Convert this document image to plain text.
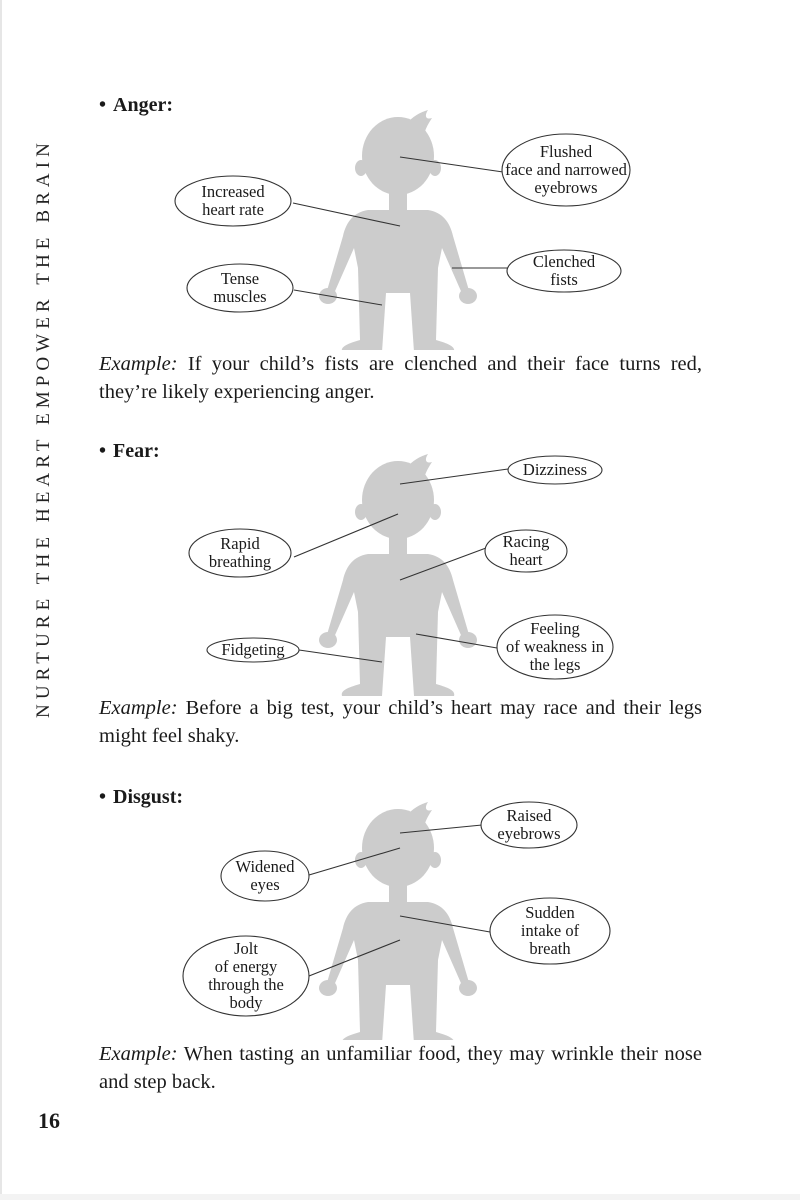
NURTURE THE HEART EMPOWER THE BRAIN
• Anger:
Flushed
face and narrowed
eyebrows
Increased
heart rate
Clenched
fists
Tense
muscles
Example: If your child’s fists are clenched and their face turns red, they’re likely experiencing anger.
• Fear:
Dizziness
Rapid
breathing
Racing
heart
Fidgeting
Feeling
of weakness in
the legs
Example: Before a big test, your child’s heart may race and their legs might feel shaky.
• Disgust:
Raised
eyebrows
Widened
eyes
Sudden
intake of
breath
Jolt
of energy
through the
body
Example: When tasting an unfamiliar food, they may wrinkle their nose and step back.
16
